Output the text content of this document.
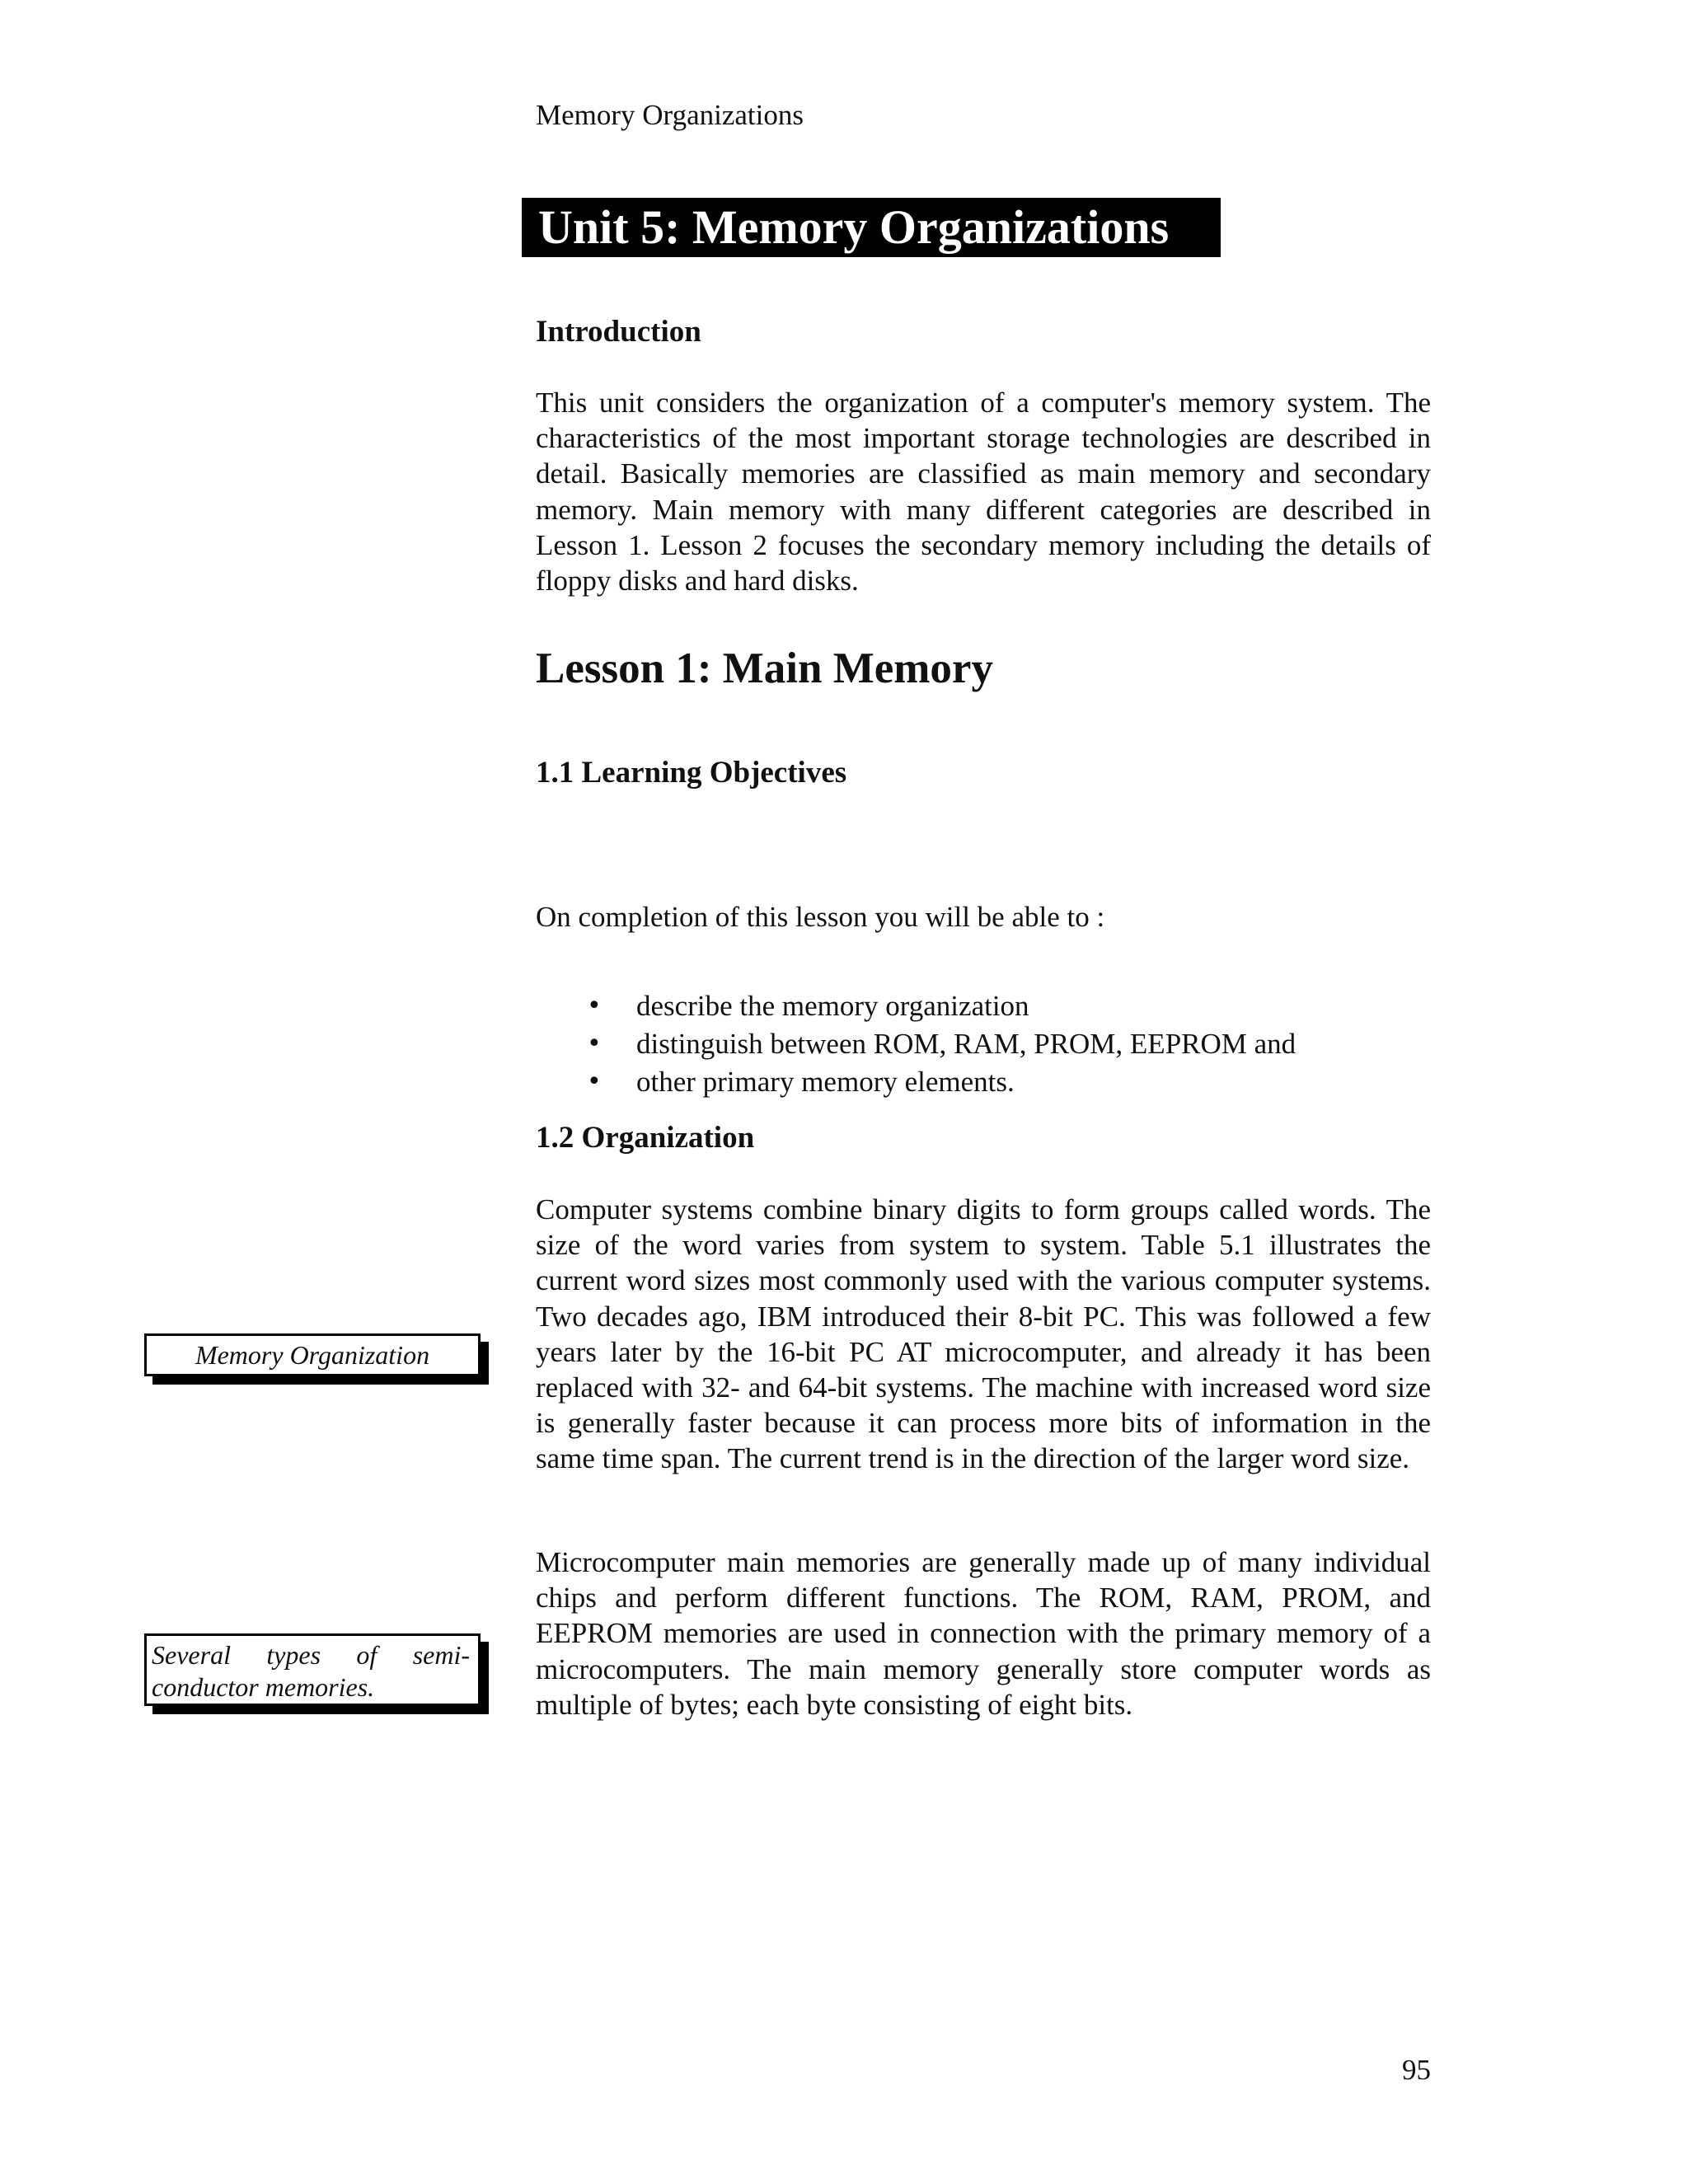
Memory Organizations
Unit 5: Memory Organizations
Introduction
This unit considers the organization of a computer's memory system. The characteristics of the most important storage technologies are described in detail. Basically memories are classified as main memory and secondary memory. Main memory with many different categories are described in Lesson 1. Lesson 2 focuses the secondary memory including the details of floppy disks and hard disks.
Lesson 1: Main Memory
1.1 Learning Objectives
On completion of this lesson you will be able to :
• describe the memory organization
• distinguish between ROM, RAM, PROM, EEPROM and
• other primary memory elements.
1.2 Organization
Computer systems combine binary digits to form groups called words. The size of the word varies from system to system. Table 5.1 illustrates the current word sizes most commonly used with the various computer systems. Two decades ago, IBM introduced their 8-bit PC. This was followed a few years later by the 16-bit PC AT microcomputer, and already it has been replaced with 32- and 64-bit systems. The machine with increased word size is generally faster because it can process more bits of information in the same time span. The current trend is in the direction of the larger word size.
Microcomputer main memories are generally made up of many individual chips and perform different functions. The ROM, RAM, PROM, and EEPROM memories are used in connection with the primary memory of a microcomputers. The main memory generally store computer words as multiple of bytes; each byte consisting of eight bits.
Memory Organization
Several types of semi-conductor memories.
95
